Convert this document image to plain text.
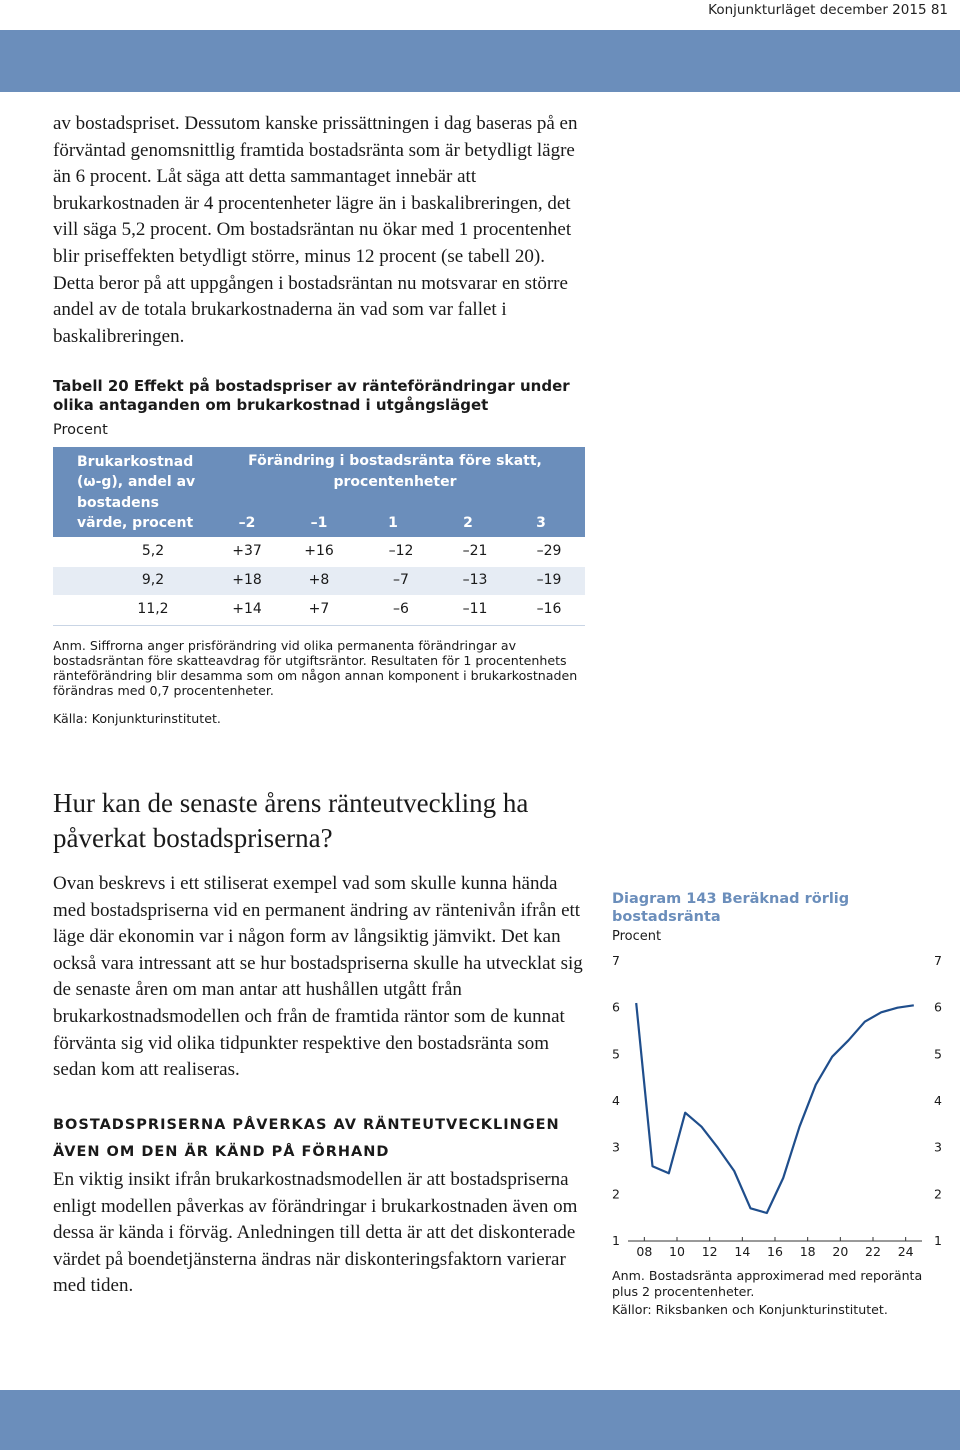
Konjunkturläget december 2015 81
av bostadspriset. Dessutom kanske prissättningen i dag baseras på en förväntad genomsnittlig framtida bostadsränta som är betydligt lägre än 6 procent. Låt säga att detta sammantaget innebär att brukarkostnaden är 4 procentenheter lägre än i baskalibreringen, det vill säga 5,2 procent. Om bostadsräntan nu ökar med 1 procentenhet blir priseffekten betydligt större, minus 12 procent (se tabell 20). Detta beror på att uppgången i bostadsräntan nu motsvarar en större andel av de totala brukarkostnaderna än vad som var fallet i baskalibreringen.
Tabell 20 Effekt på bostadspriser av ränteförändringar under olika antaganden om brukarkostnad i utgångsläget
Procent
Brukarkostnad
(ω-g), andel av
bostadens
värde, procent
Förändring i bostadsränta före skatt, procentenheter
–2	–1	1	2	3
5,2	+37	+16	–12	–21	–29
9,2	+18	+8	–7	–13	–19
11,2	+14	+7	–6	–11	–16
Anm. Siffrorna anger prisförändring vid olika permanenta förändringar av bostadsräntan före skatteavdrag för utgiftsräntor. Resultaten för 1 procentenhets ränteförändring blir desamma som om någon annan komponent i brukarkostnaden förändras med 0,7 procentenheter.
Källa: Konjunkturinstitutet.
Hur kan de senaste årens ränteutveckling ha påverkat bostadspriserna?
Ovan beskrevs i ett stiliserat exempel vad som skulle kunna hända med bostadspriserna vid en permanent ändring av räntenivån ifrån ett läge där ekonomin var i någon form av långsiktig jämvikt. Det kan också vara intressant att se hur bostadspriserna skulle ha utvecklat sig de senaste åren om man antar att hushållen utgått från brukarkostnadsmodellen och från de framtida räntor som de kunnat förvänta sig vid olika tidpunkter respektive den bostadsränta som sedan kom att realiseras.
BOSTADSPRISERNA PÅVERKAS AV RÄNTEUTVECKLINGEN ÄVEN OM DEN ÄR KÄND PÅ FÖRHAND
En viktig insikt ifrån brukarkostnadsmodellen är att bostadspriserna enligt modellen påverkas av förändringar i brukarkostnaden även om dessa är kända i förväg. Anledningen till detta är att det diskonterade värdet på boendetjänsterna ändras när diskonteringsfaktorn varierar med tiden.
Diagram 143 Beräknad rörlig bostadsränta
Procent
1	1
2	2
3	3
4	4
5	5
6	6
7	7
08 10 12 14 16 18 20 22 24
Anm. Bostadsränta approximerad med reporänta plus 2 procentenheter.
Källor: Riksbanken och Konjunkturinstitutet.
